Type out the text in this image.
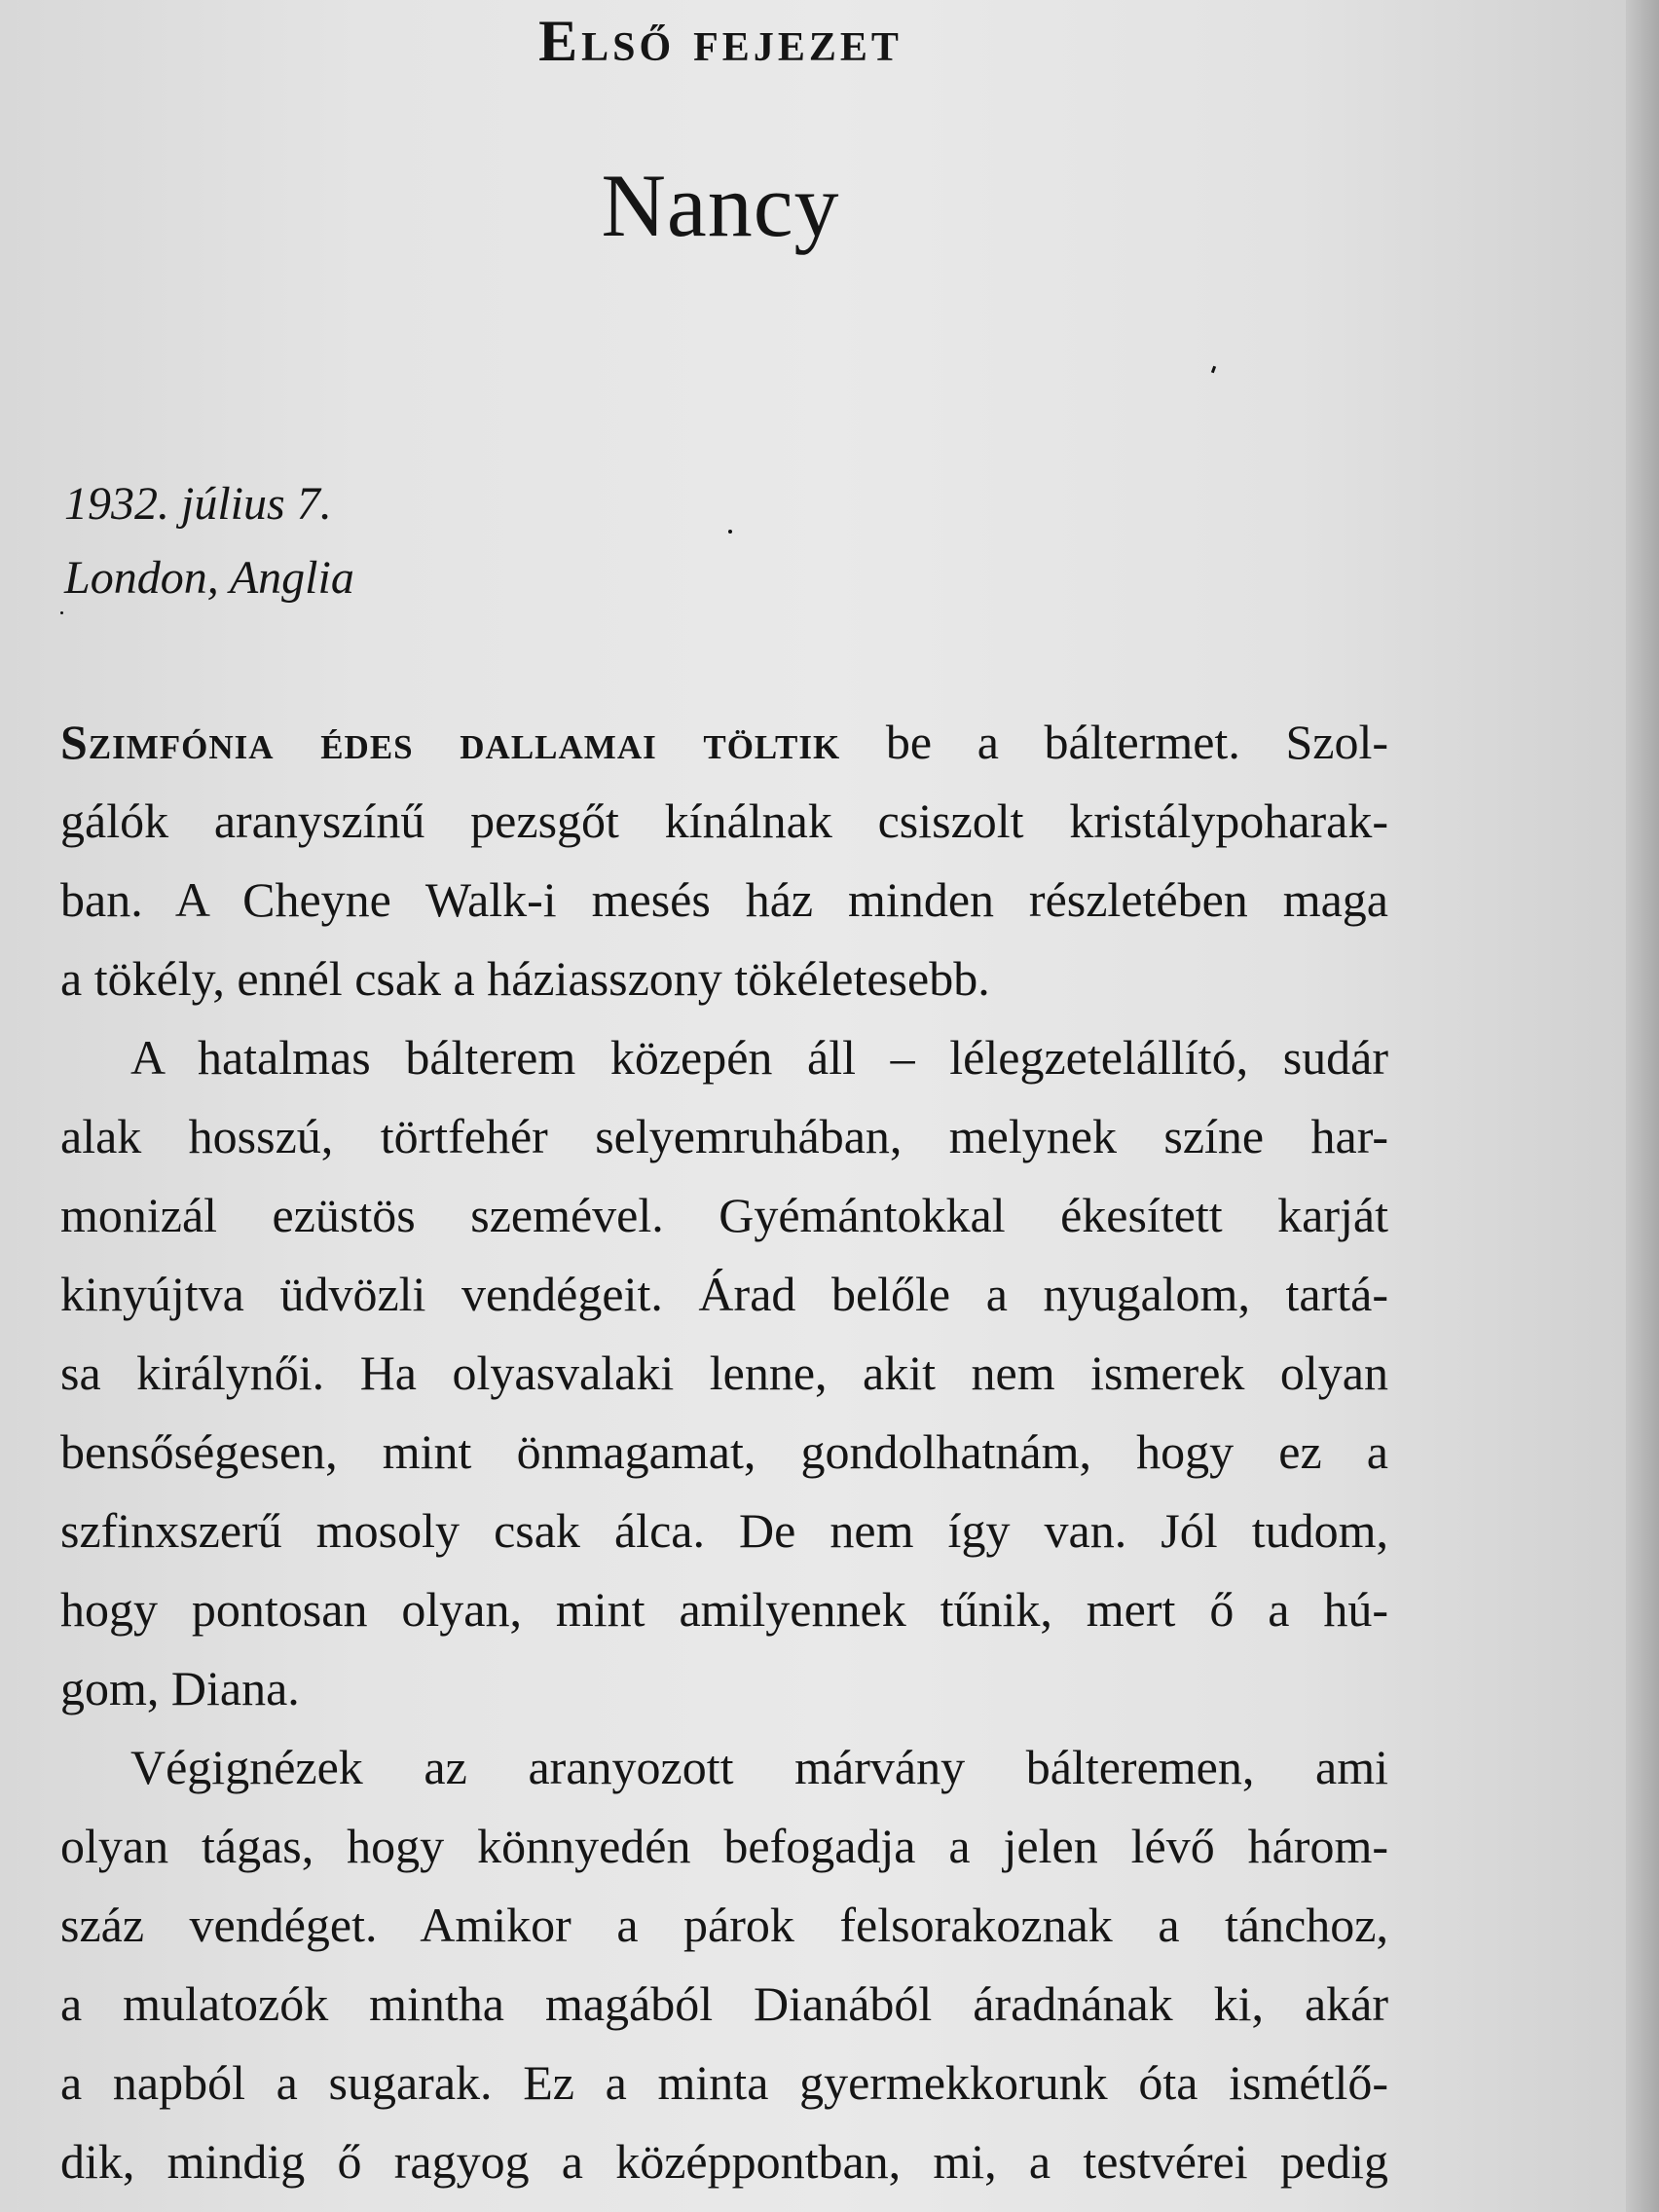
Első fejezet
Nancy
1932. július 7.
London, Anglia
Szimfónia édes dallamai töltik be a báltermet. Szol-
gálók aranyszínű pezsgőt kínálnak csiszolt kristálypoharak-
ban. A Cheyne Walk-i mesés ház minden részletében maga
a tökély, ennél csak a háziasszony tökéletesebb.
A hatalmas bálterem közepén áll – lélegzetelállító, sudár
alak hosszú, törtfehér selyemruhában, melynek színe har-
monizál ezüstös szemével. Gyémántokkal ékesített karját
kinyújtva üdvözli vendégeit. Árad belőle a nyugalom, tartá-
sa királynői. Ha olyasvalaki lenne, akit nem ismerek olyan
bensőségesen, mint önmagamat, gondolhatnám, hogy ez a
szfinxszerű mosoly csak álca. De nem így van. Jól tudom,
hogy pontosan olyan, mint amilyennek tűnik, mert ő a hú-
gom, Diana.
Végignézek az aranyozott márvány bálteremen, ami
olyan tágas, hogy könnyedén befogadja a jelen lévő három-
száz vendéget. Amikor a párok felsorakoznak a tánchoz,
a mulatozók mintha magából Dianából áradnának ki, akár
a napból a sugarak. Ez a minta gyermekkorunk óta ismétlő-
dik, mindig ő ragyog a középpontban, mi, a testvérei pedig
